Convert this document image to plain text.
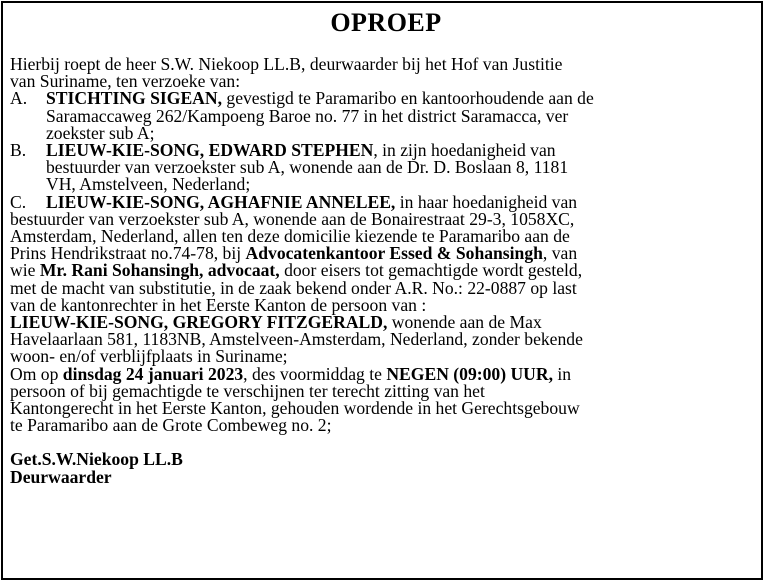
OPROEP
Hierbij roept de heer S.W. Niekoop LL.B, deurwaarder bij het Hof van Justitie
van Suriname, ten verzoeke van:
A. STICHTING SIGEAN, gevestigd te Paramaribo en kantoorhoudende aan de
Saramaccaweg 262/Kampoeng Baroe no. 77 in het district Saramacca, ver
zoekster sub A;
B. LIEUW-KIE-SONG, EDWARD STEPHEN, in zijn hoedanigheid van
bestuurder van verzoekster sub A, wonende aan de Dr. D. Boslaan 8, 1181
VH, Amstelveen, Nederland;
C. LIEUW-KIE-SONG, AGHAFNIE ANNELEE, in haar hoedanigheid van
bestuurder van verzoekster sub A, wonende aan de Bonairestraat 29-3, 1058XC,
Amsterdam, Nederland, allen ten deze domicilie kiezende te Paramaribo aan de
Prins Hendrikstraat no.74-78, bij Advocatenkantoor Essed & Sohansingh, van
wie Mr. Rani Sohansingh, advocaat, door eisers tot gemachtigde wordt gesteld,
met de macht van substitutie, in de zaak bekend onder A.R. No.: 22-0887 op last
van de kantonrechter in het Eerste Kanton de persoon van :
LIEUW-KIE-SONG, GREGORY FITZGERALD, wonende aan de Max
Havelaarlaan 581, 1183NB, Amstelveen-Amsterdam, Nederland, zonder bekende
woon- en/of verblijfplaats in Suriname;
Om op dinsdag 24 januari 2023, des voormiddag te NEGEN (09:00) UUR, in
persoon of bij gemachtigde te verschijnen ter terecht zitting van het
Kantongerecht in het Eerste Kanton, gehouden wordende in het Gerechtsgebouw
te Paramaribo aan de Grote Combeweg no. 2;
Get.S.W.Niekoop LL.B
Deurwaarder
